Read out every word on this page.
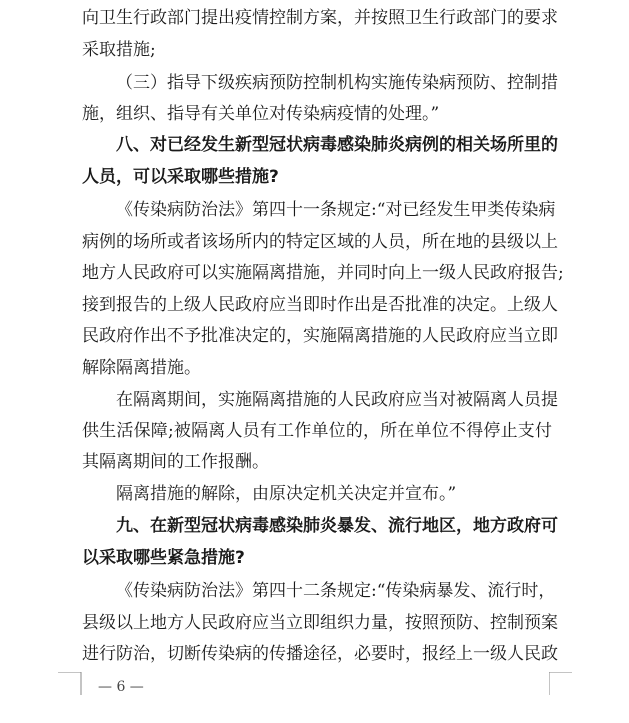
向卫生行政部门提出疫情控制方案，并按照卫生行政部门的要求
采取措施;
（三）指导下级疾病预防控制机构实施传染病预防、控制措
施，组织、指导有关单位对传染病疫情的处理。”
八、对已经发生新型冠状病毒感染肺炎病例的相关场所里的
人员，可以采取哪些措施?
《传染病防治法》第四十一条规定:“对已经发生甲类传染病
病例的场所或者该场所内的特定区域的人员，所在地的县级以上
地方人民政府可以实施隔离措施，并同时向上一级人民政府报告;
接到报告的上级人民政府应当即时作出是否批准的决定。上级人
民政府作出不予批准决定的，实施隔离措施的人民政府应当立即
解除隔离措施。
在隔离期间，实施隔离措施的人民政府应当对被隔离人员提
供生活保障;被隔离人员有工作单位的，所在单位不得停止支付
其隔离期间的工作报酬。
隔离措施的解除，由原决定机关决定并宣布。”
九、在新型冠状病毒感染肺炎暴发、流行地区，地方政府可
以采取哪些紧急措施?
《传染病防治法》第四十二条规定:“传染病暴发、流行时，
县级以上地方人民政府应当立即组织力量，按照预防、控制预案
进行防治，切断传染病的传播途径，必要时，报经上一级人民政
— 6 —
